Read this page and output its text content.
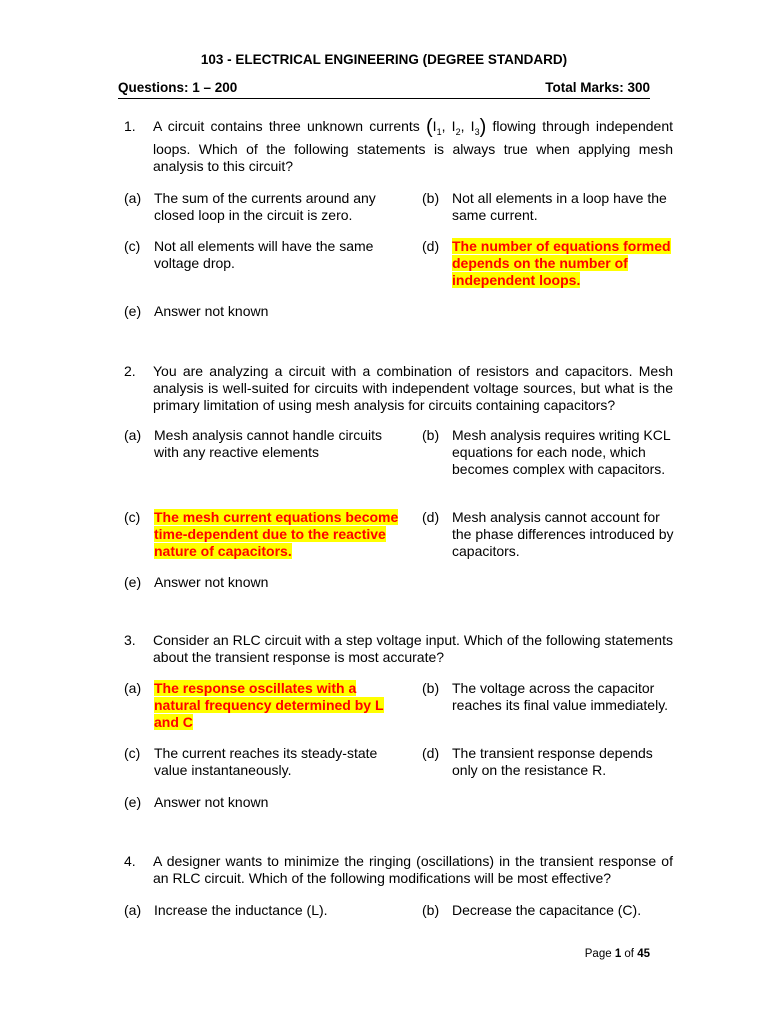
103 - ELECTRICAL ENGINEERING (DEGREE STANDARD)
Questions: 1 – 200	Total Marks: 300
1. A circuit contains three unknown currents ($I_1$, $I_2$, $I_3$) flowing through independent loops. Which of the following statements is always true when applying mesh analysis to this circuit?
(a) The sum of the currents around any closed loop in the circuit is zero.
(b) Not all elements in a loop have the same current.
(c) Not all elements will have the same voltage drop.
(d) The number of equations formed depends on the number of independent loops.
(e) Answer not known
2. You are analyzing a circuit with a combination of resistors and capacitors. Mesh analysis is well-suited for circuits with independent voltage sources, but what is the primary limitation of using mesh analysis for circuits containing capacitors?
(a) Mesh analysis cannot handle circuits with any reactive elements
(b) Mesh analysis requires writing KCL equations for each node, which becomes complex with capacitors.
(c) The mesh current equations become time-dependent due to the reactive nature of capacitors.
(d) Mesh analysis cannot account for the phase differences introduced by capacitors.
(e) Answer not known
3. Consider an RLC circuit with a step voltage input. Which of the following statements about the transient response is most accurate?
(a) The response oscillates with a natural frequency determined by L and C
(b) The voltage across the capacitor reaches its final value immediately.
(c) The current reaches its steady-state value instantaneously.
(d) The transient response depends only on the resistance R.
(e) Answer not known
4. A designer wants to minimize the ringing (oscillations) in the transient response of an RLC circuit. Which of the following modifications will be most effective?
(a) Increase the inductance (L).	(b) Decrease the capacitance (C).
Page 1 of 45
